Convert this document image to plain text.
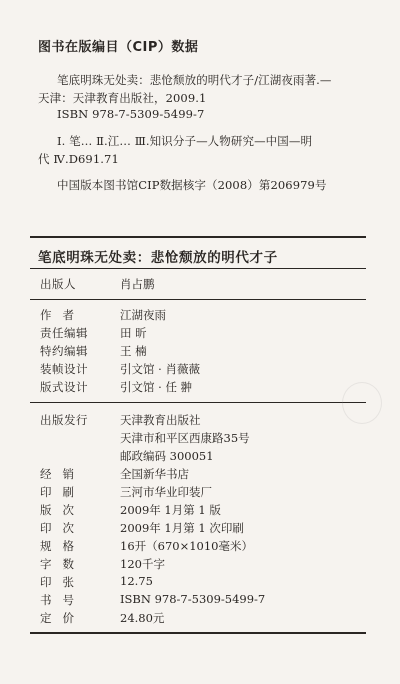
图书在版编目（CIP）数据
笔底明珠无处卖：悲怆颓放的明代才子/江湖夜雨著.—
天津：天津教育出版社，2009.1
ISBN 978-7-5309-5499-7
Ⅰ. 笔… Ⅱ.江… Ⅲ.知识分子—人物研究—中国—明
代 Ⅳ.D691.71
中国版本图书馆CIP数据核字（2008）第206979号
笔底明珠无处卖：悲怆颓放的明代才子
出版人	肖占鹏
作者	江湖夜雨
责任编辑	田 昕
特约编辑	王 楠
装帧设计	引文馆 · 肖薇薇
版式设计	引文馆 · 任 翀
出版发行	天津教育出版社
天津市和平区西康路35号
邮政编码 300051
经销	全国新华书店
印刷	三河市华业印装厂
版次	2009年 1月第 1 版
印次	2009年 1月第 1 次印刷
规格	16开（670×1010毫米）
字数	120千字
印张	12.75
书号	ISBN 978-7-5309-5499-7
定价	24.80元
